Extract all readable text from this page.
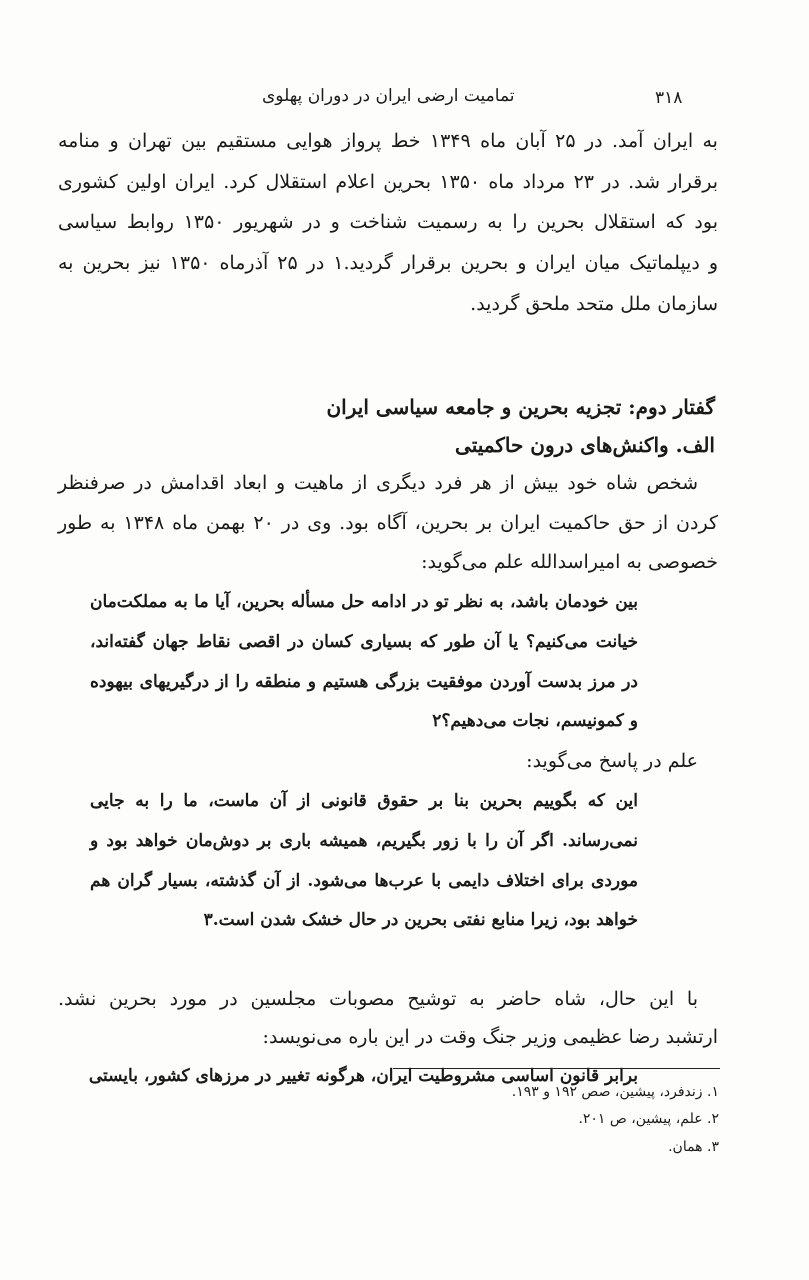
۳۱۸
تمامیت ارضی ایران در دوران پهلوی
به ایران آمد. در ۲۵ آبان ماه ۱۳۴۹ خط پرواز هوایی مستقیم بین تهران و منامه
برقرار شد. در ۲۳ مرداد ماه ۱۳۵۰ بحرین اعلام استقلال کرد. ایران اولین کشوری
بود که استقلال بحرین را به رسمیت شناخت و در شهریور ۱۳۵۰ روابط سیاسی
و دیپلماتیک میان ایران و بحرین برقرار گردید.۱ در ۲۵ آذرماه ۱۳۵۰ نیز بحرین به
سازمان ملل متحد ملحق گردید.
گفتار دوم: تجزیه بحرین و جامعه سیاسی ایران
الف. واکنش‌های درون حاکمیتی
شخص شاه خود بیش از هر فرد دیگری از ماهیت و ابعاد اقدامش در صرفنظر
کردن از حق حاکمیت ایران بر بحرین، آگاه بود. وی در ۲۰ بهمن ماه ۱۳۴۸ به طور
خصوصی به امیراسدالله علم می‌گوید:
بین خودمان باشد، به نظر تو در ادامه حل مسأله بحرین، آیا ما به مملکت‌مان
خیانت می‌کنیم؟ یا آن طور که بسیاری کسان در اقصی نقاط جهان گفته‌اند،
در مرز بدست آوردن موفقیت بزرگی هستیم و منطقه را از درگیریهای بیهوده
و کمونیسم، نجات می‌دهیم؟۲
علم در پاسخ می‌گوید:
این که بگوییم بحرین بنا بر حقوق قانونی از آن ماست، ما را به جایی
نمی‌رساند. اگر آن را با زور بگیریم، همیشه باری بر دوش‌مان خواهد بود و
موردی برای اختلاف دایمی با عرب‌ها می‌شود. از آن گذشته، بسیار گران هم
خواهد بود، زیرا منابع نفتی بحرین در حال خشک شدن است.۳
با این حال، شاه حاضر به توشیح مصوبات مجلسین در مورد بحرین نشد.
ارتشبد رضا عظیمی وزیر جنگ وقت در این باره می‌نویسد:
برابر قانون اساسی مشروطیت ایران، هرگونه تغییر در مرزهای کشور، بایستی
۱. زندفرد، پیشین، صص ۱۹۲ و ۱۹۳.
۲. علم، پیشین، ص ۲۰۱.
۳. همان.
